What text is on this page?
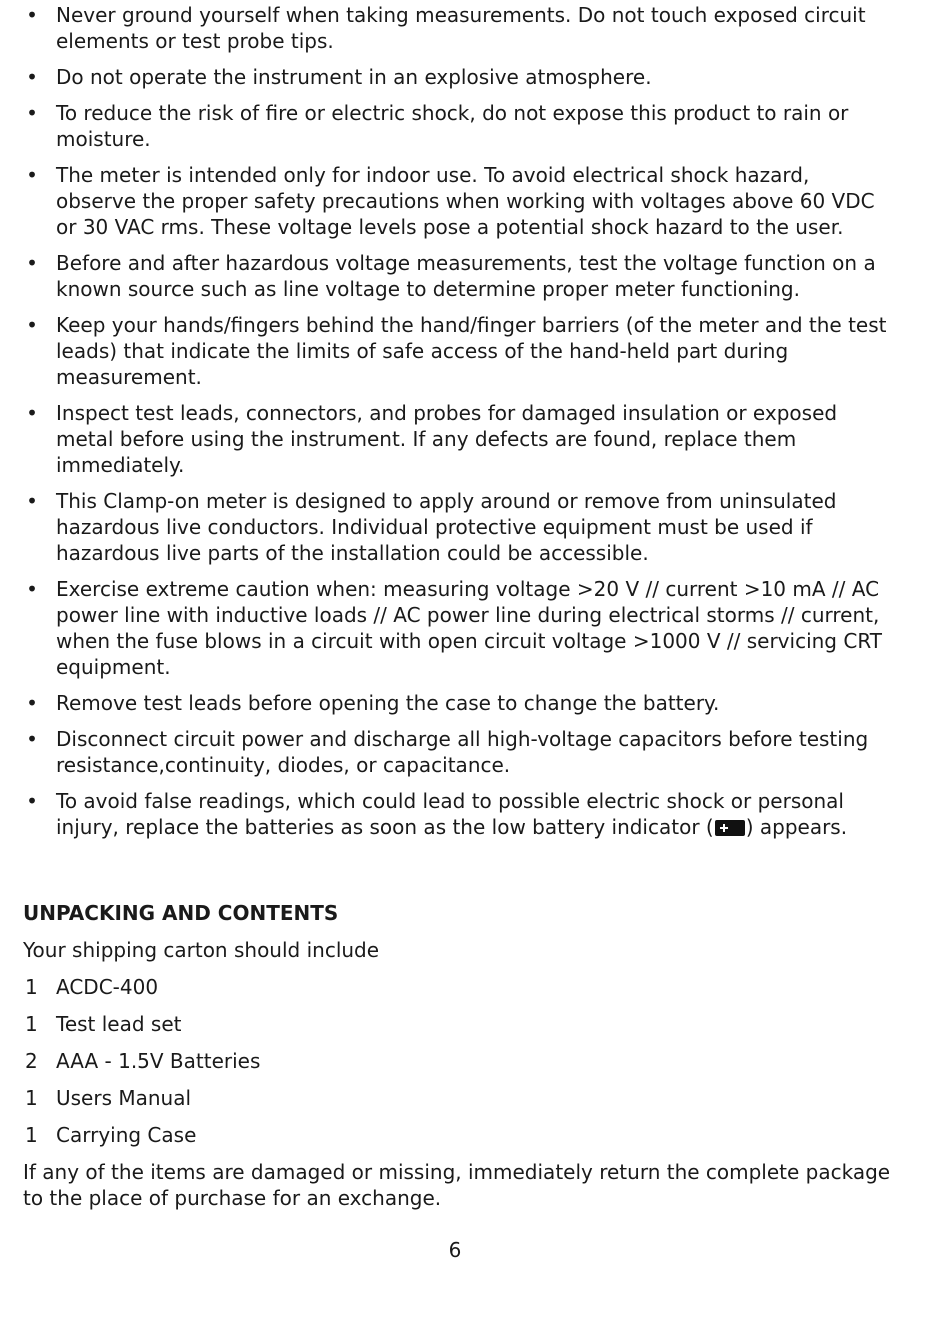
• Never ground yourself when taking measurements. Do not touch exposed circuit elements or test probe tips.
• Do not operate the instrument in an explosive atmosphere.
• To reduce the risk of fire or electric shock, do not expose this product to rain or moisture.
• The meter is intended only for indoor use. To avoid electrical shock hazard, observe the proper safety precautions when working with voltages above 60 VDC or 30 VAC rms. These voltage levels pose a potential shock hazard to the user.
• Before and after hazardous voltage measurements, test the voltage function on a known source such as line voltage to determine proper meter functioning.
• Keep your hands/fingers behind the hand/finger barriers (of the meter and the test leads) that indicate the limits of safe access of the hand-held part during measurement.
• Inspect test leads, connectors, and probes for damaged insulation or exposed metal before using the instrument. If any defects are found, replace them immediately.
• This Clamp-on meter is designed to apply around or remove from uninsulated hazardous live conductors. Individual protective equipment must be used if hazardous live parts of the installation could be accessible.
• Exercise extreme caution when: measuring voltage >20 V // current >10 mA // AC power line with inductive loads // AC power line during electrical storms // current, when the fuse blows in a circuit with open circuit voltage >1000 V // servicing CRT equipment.
• Remove test leads before opening the case to change the battery.
• Disconnect circuit power and discharge all high-voltage capacitors before testing resistance,continuity, diodes, or capacitance.
• To avoid false readings, which could lead to possible electric shock or personal injury, replace the batteries as soon as the low battery indicator ( ) appears.

UNPACKING AND CONTENTS

Your shipping carton should include

1 ACDC-400
1 Test lead set
2 AAA - 1.5V Batteries
1 Users Manual
1 Carrying Case

If any of the items are damaged or missing, immediately return the complete package to the place of purchase for an exchange.

6
